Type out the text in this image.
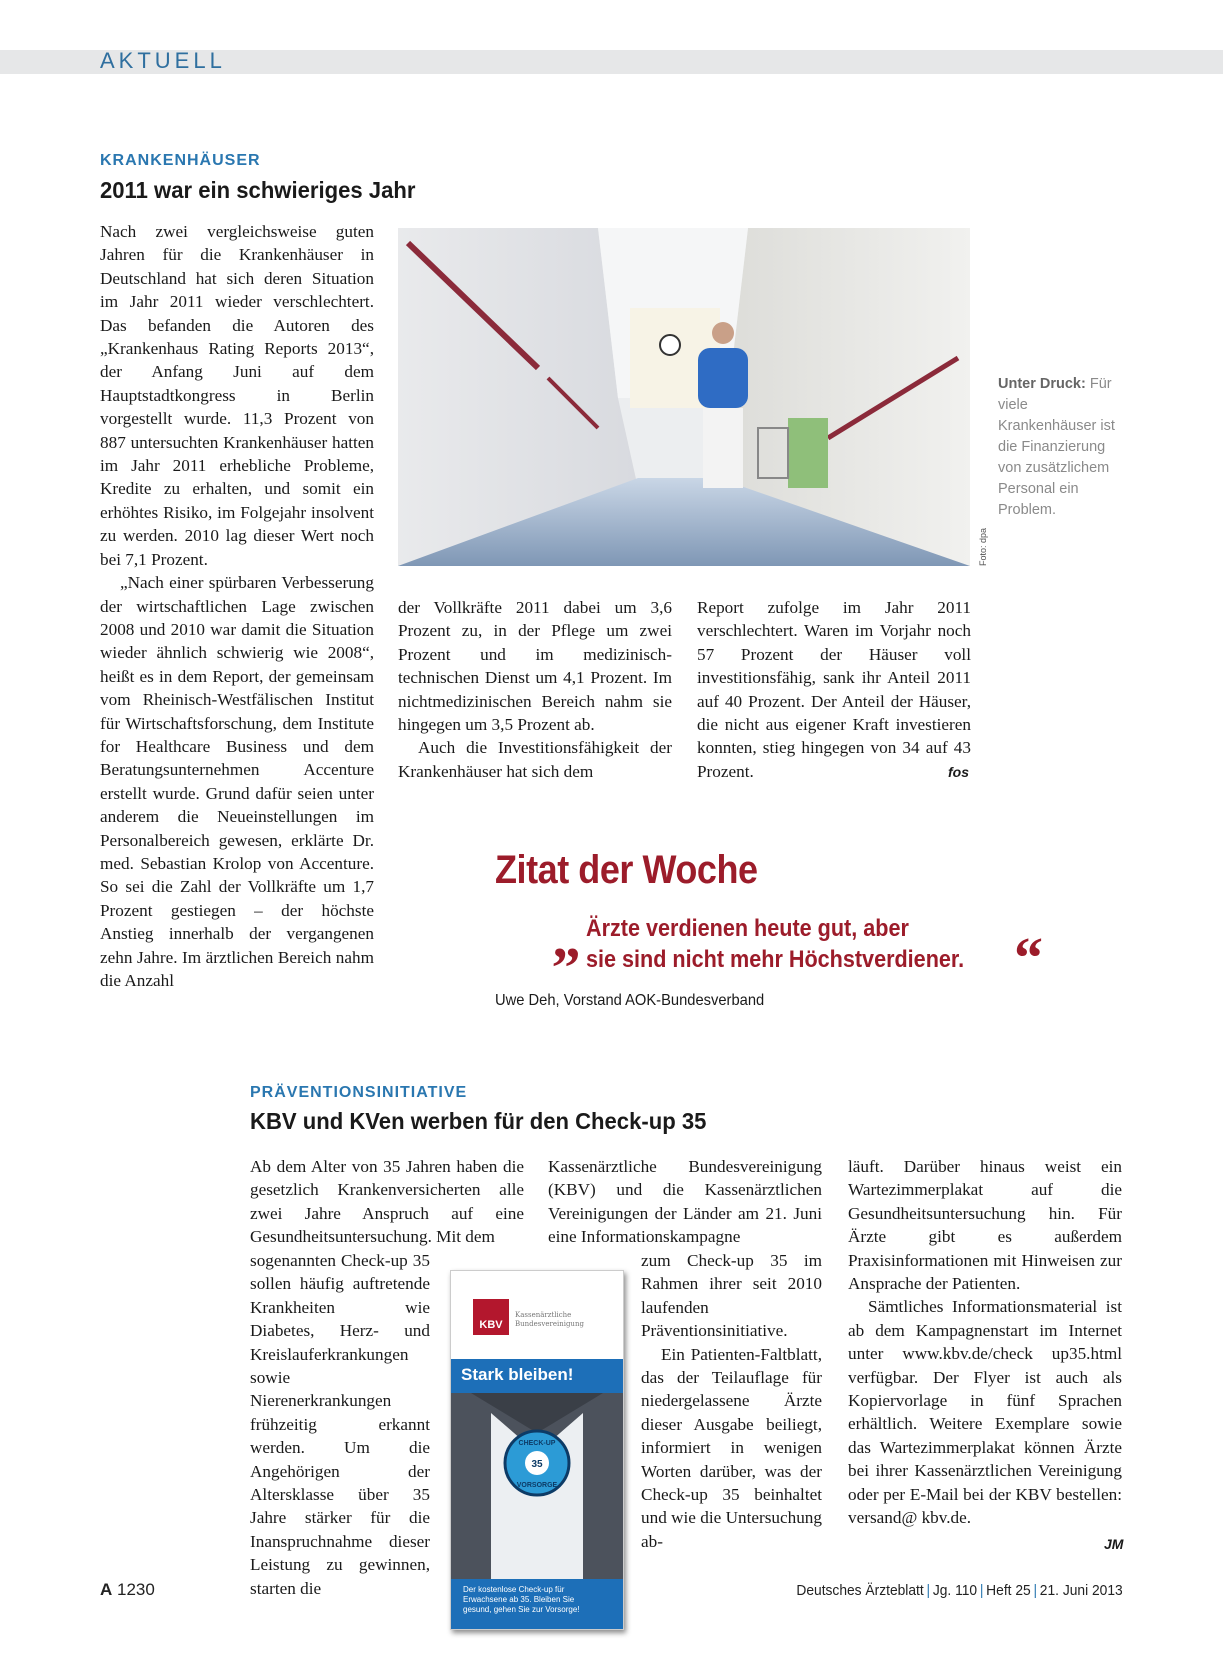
AKTUELL
KRANKENHÄUSER
2011 war ein schwieriges Jahr

Nach zwei vergleichsweise guten Jahren für die Krankenhäuser in Deutschland hat sich deren Situation im Jahr 2011 wieder verschlechtert. Das befanden die Autoren des „Krankenhaus Rating Reports 2013“, der Anfang Juni auf dem Hauptstadtkongress in Berlin vorgestellt wurde. 11,3 Prozent von 887 untersuchten Krankenhäuser hatten im Jahr 2011 erhebliche Probleme, Kredite zu erhalten, und somit ein erhöhtes Risiko, im Folgejahr insolvent zu werden. 2010 lag dieser Wert noch bei 7,1 Prozent.

„Nach einer spürbaren Verbesserung der wirtschaftlichen Lage zwischen 2008 und 2010 war damit die Situation wieder ähnlich schwierig wie 2008“, heißt es in dem Report, der gemeinsam vom Rheinisch-Westfälischen Institut für Wirtschaftsforschung, dem Institute for Healthcare Business und dem Beratungsunternehmen Accenture erstellt wurde. Grund dafür seien unter anderem die Neueinstellungen im Personalbereich gewesen, erklärte Dr. med. Sebastian Krolop von Accenture. So sei die Zahl der Vollkräfte um 1,7 Prozent gestiegen – der höchste Anstieg innerhalb der vergangenen zehn Jahre. Im ärztlichen Bereich nahm die Anzahl

Foto: dpa
Unter Druck: Für viele Krankenhäuser ist die Finanzierung von zusätzlichem Personal ein Problem.

der Vollkräfte 2011 dabei um 3,6 Prozent zu, in der Pflege um zwei Prozent und im medizinisch-technischen Dienst um 4,1 Prozent. Im nichtmedizinischen Bereich nahm sie hingegen um 3,5 Prozent ab.

Auch die Investitionsfähigkeit der Krankenhäuser hat sich dem

Report zufolge im Jahr 2011 verschlechtert. Waren im Vorjahr noch 57 Prozent der Häuser voll investitionsfähig, sank ihr Anteil 2011 auf 40 Prozent. Der Anteil der Häuser, die nicht aus eigener Kraft investieren konnten, stieg hingegen von 34 auf 43 Prozent.	fos
Zitat der Woche
„ Ärzte verdienen heute gut, aber
sie sind nicht mehr Höchstverdiener. “
Uwe Deh, Vorstand AOK-Bundesverband
PRÄVENTIONSINITIATIVE
KBV und KVen werben für den Check-up 35

Ab dem Alter von 35 Jahren haben die gesetzlich Krankenversicherten alle zwei Jahre Anspruch auf eine Gesundheitsuntersuchung. Mit dem

sogenannten Check-up 35 sollen häufig auftretende Krankheiten wie Diabetes, Herz- und Kreislauferkrankungen sowie Nierenerkrankungen frühzeitig erkannt werden. Um die Angehörigen der Altersklasse über 35 Jahre stärker für die Inanspruchnahme dieser Leistung zu gewinnen, starten die

Kassenärztliche Bundesvereinigung (KBV) und die Kassenärztlichen Vereinigungen der Länder am 21. Juni eine Informationskampagne

zum Check-up 35 im Rahmen ihrer seit 2010 laufenden Präventionsinitiative.

Ein Patienten-Faltblatt, das der Teilauflage für niedergelassene Ärzte dieser Ausgabe beiliegt, informiert in wenigen Worten darüber, was der Check-up 35 beinhaltet und wie die Untersuchung ab-

läuft. Darüber hinaus weist ein Wartezimmerplakat auf die Gesundheitsuntersuchung hin. Für Ärzte gibt es außerdem Praxisinformationen mit Hinweisen zur Ansprache der Patienten.

Sämtliches Informationsmaterial ist ab dem Kampagnenstart im Internet unter www.kbv.de/check up35.html verfügbar. Der Flyer ist auch als Kopiervorlage in fünf Sprachen erhältlich. Weitere Exemplare sowie das Wartezimmerplakat können Ärzte bei ihrer Kassenärztlichen Vereinigung oder per E-Mail bei der KBV bestellen: versand@ kbv.de.

JM
KBV
Kassenärztliche
Bundesvereinigung
Stark bleiben!
35
CHECK-UP
VORSORGE
Der kostenlose Check-up für
Erwachsene ab 35. Bleiben Sie
gesund, gehen Sie zur Vorsorge!
A 1230	Deutsches Ärzteblatt | Jg. 110 | Heft 25 | 21. Juni 2013
